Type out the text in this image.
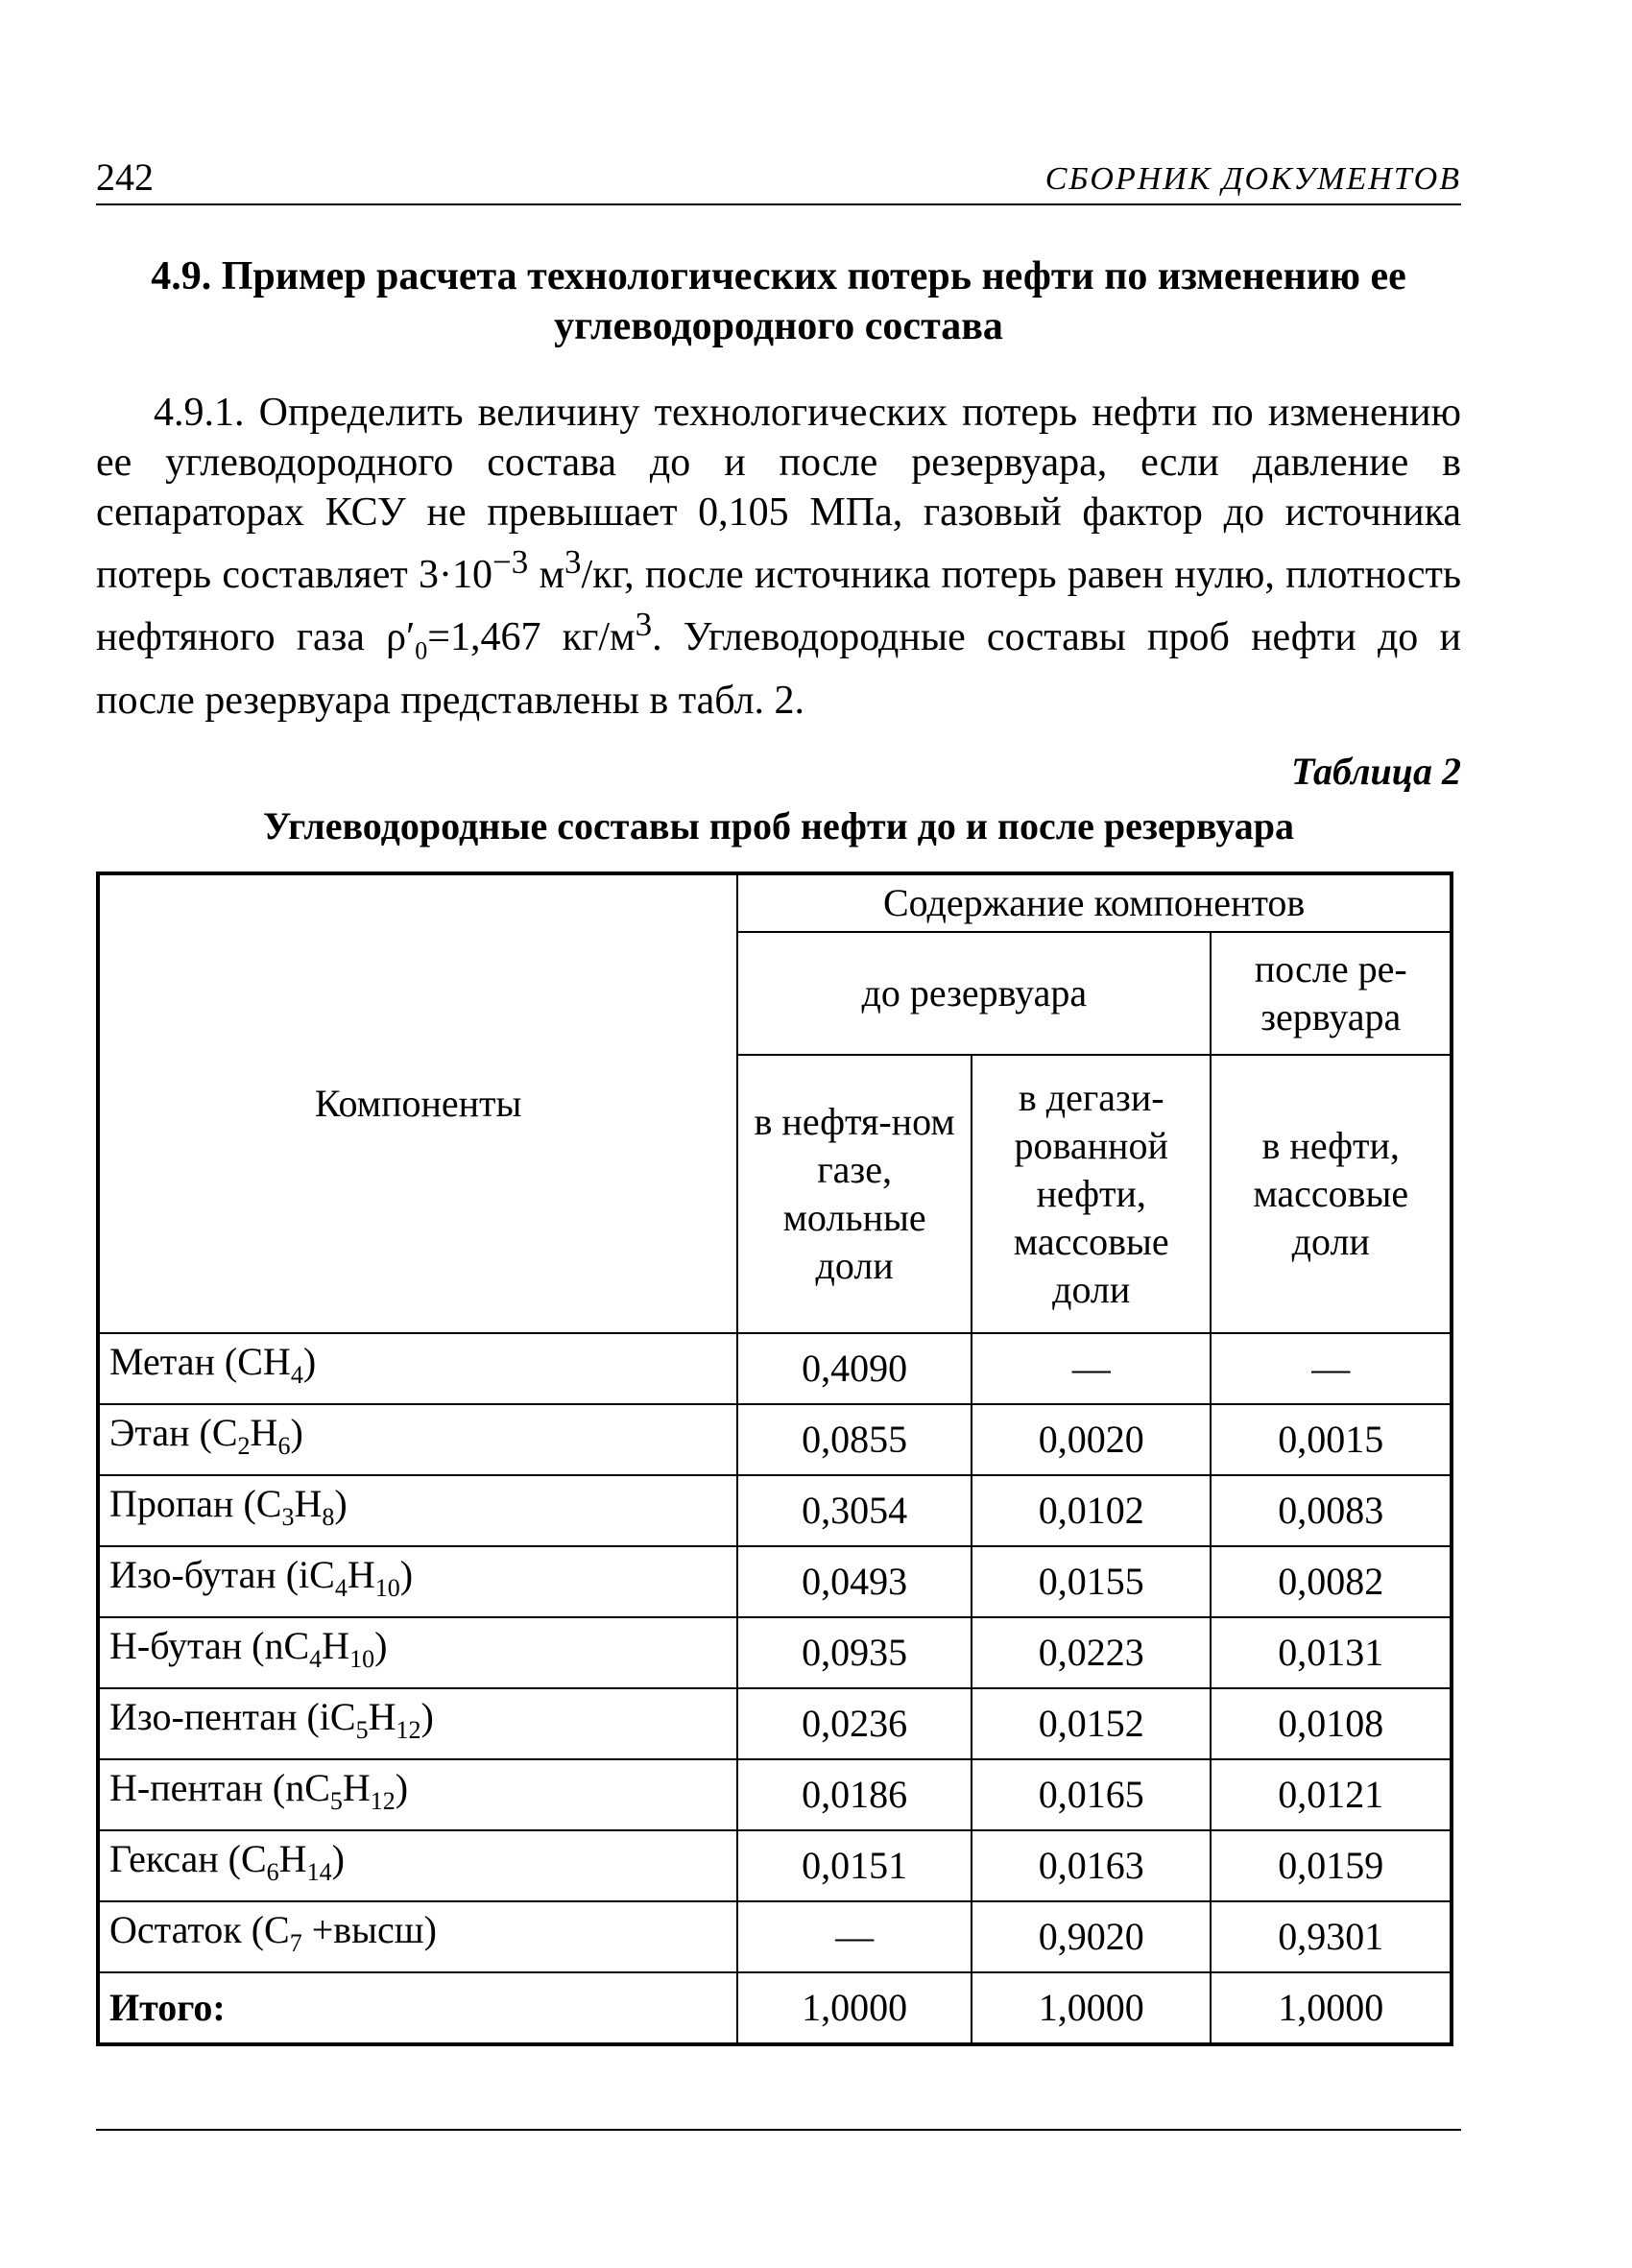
242	СБОРНИК ДОКУМЕНТОВ
4.9. Пример расчета технологических потерь нефти по изменению ее углеводородного состава

4.9.1. Определить величину технологических потерь нефти по изменению ее углеводородного состава до и после резервуара, если давление в сепараторах КСУ не превышает 0,105 МПа, газовый фактор до источника потерь составляет $3\cdot 10^{-3}$ $м^3/кг$, после источника потерь равен нулю, плотность нефтяного газа $\rho'_0=1,467$ $кг/м^3$. Углеводородные составы проб нефти до и после резервуара представлены в табл. 2.

Таблица 2
Углеводородные составы проб нефти до и после резервуара
Компоненты	Содержание компонентов		
	до резервуара		после ре-зервуара
	в нефтя-ном газе, мольные доли	в дегази-рованной нефти, массовые доли	в нефти, массовые доли
Метан $(CH_4)$	0,4090	—	—
Этан $(C_2H_6)$	0,0855	0,0020	0,0015
Пропан $(C_3H_8)$	0,3054	0,0102	0,0083
Изо-бутан $(iC_4H_{10})$	0,0493	0,0155	0,0082
Н-бутан $(nC_4H_{10})$	0,0935	0,0223	0,0131
Изо-пентан $(iC_5H_{12})$	0,0236	0,0152	0,0108
Н-пентан $(nC_5H_{12})$	0,0186	0,0165	0,0121
Гексан $(C_6H_{14})$	0,0151	0,0163	0,0159
Остаток ($C_7$ +высш)	—	0,9020	0,9301
Итого:	1,0000	1,0000	1,0000
